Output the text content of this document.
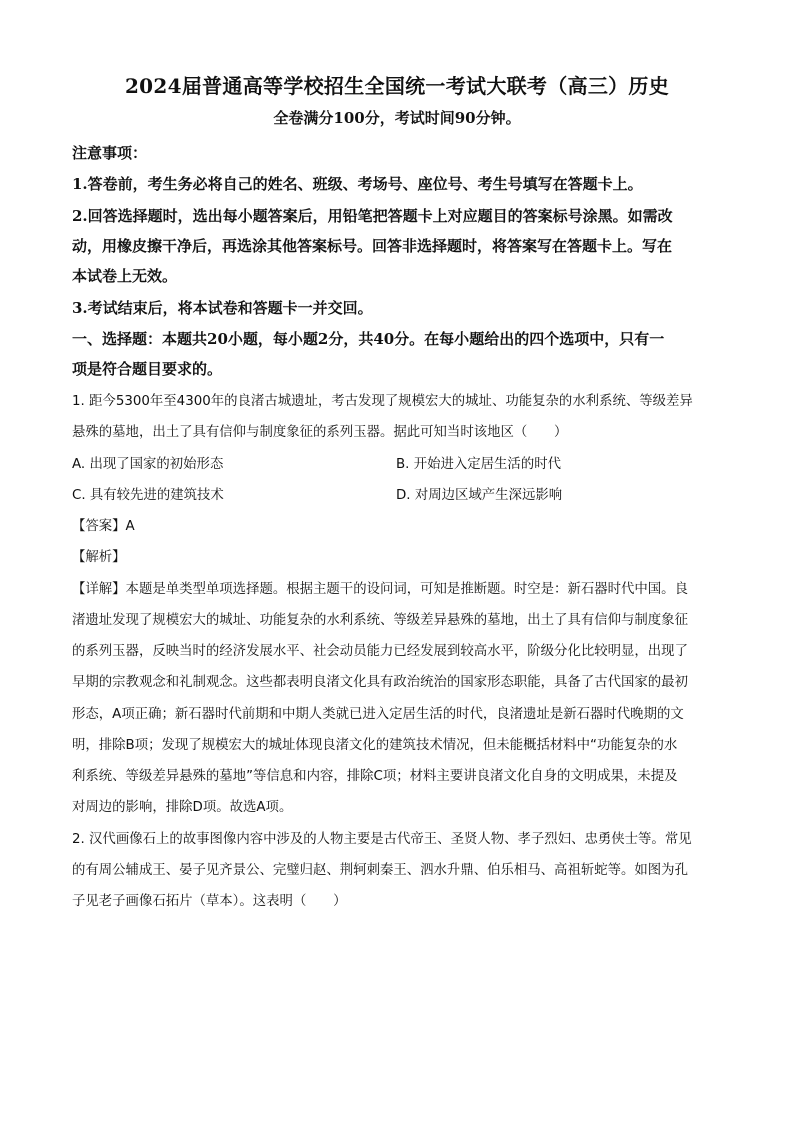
2024届普通高等学校招生全国统一考试大联考（高三）历史
全卷满分100分，考试时间90分钟。
注意事项：
1.答卷前，考生务必将自己的姓名、班级、考场号、座位号、考生号填写在答题卡上。
2.回答选择题时，选出每小题答案后，用铅笔把答题卡上对应题目的答案标号涂黑。如需改
动，用橡皮擦干净后，再选涂其他答案标号。回答非选择题时，将答案写在答题卡上。写在
本试卷上无效。
3.考试结束后，将本试卷和答题卡一并交回。
一、选择题：本题共20小题，每小题2分，共40分。在每小题给出的四个选项中，只有一
项是符合题目要求的。
1. 距今5300年至4300年的良渚古城遗址，考古发现了规模宏大的城址、功能复杂的水利系统、等级差异
悬殊的墓地，出土了具有信仰与制度象征的系列玉器。据此可知当时该地区（　　）
A. 出现了国家的初始形态	B. 开始进入定居生活的时代
C. 具有较先进的建筑技术	D. 对周边区域产生深远影响
【答案】A
【解析】
【详解】本题是单类型单项选择题。根据主题干的设问词，可知是推断题。时空是：新石器时代中国。良
渚遗址发现了规模宏大的城址、功能复杂的水利系统、等级差异悬殊的墓地，出土了具有信仰与制度象征
的系列玉器，反映当时的经济发展水平、社会动员能力已经发展到较高水平，阶级分化比较明显，出现了
早期的宗教观念和礼制观念。这些都表明良渚文化具有政治统治的国家形态职能，具备了古代国家的最初
形态，A项正确；新石器时代前期和中期人类就已进入定居生活的时代，良渚遗址是新石器时代晚期的文
明，排除B项；发现了规模宏大的城址体现良渚文化的建筑技术情况，但未能概括材料中“功能复杂的水
利系统、等级差异悬殊的墓地”等信息和内容，排除C项；材料主要讲良渚文化自身的文明成果，未提及
对周边的影响，排除D项。故选A项。
2. 汉代画像石上的故事图像内容中涉及的人物主要是古代帝王、圣贤人物、孝子烈妇、忠勇侠士等。常见
的有周公辅成王、晏子见齐景公、完璧归赵、荆轲刺秦王、泗水升鼎、伯乐相马、高祖斩蛇等。如图为孔
子见老子画像石拓片（草本）。这表明（　　）
